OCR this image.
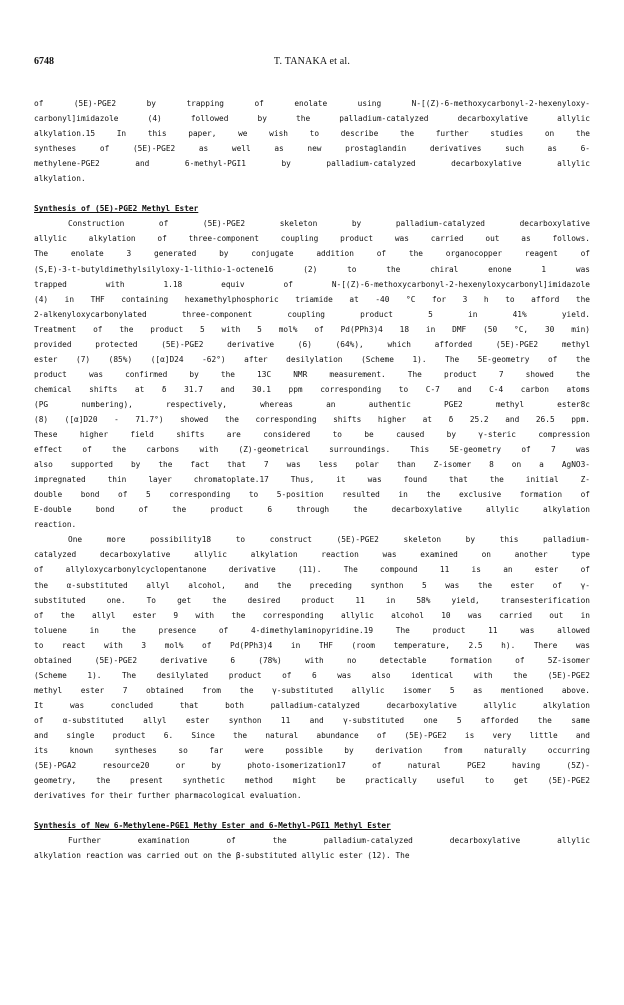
6748	T. TANAKA et al.
of (5E)-PGE2 by trapping of enolate using N-[(Z)-6-methoxycarbonyl-2-hexenyloxy-
carbonyl]imidazole (4) followed by the palladium-catalyzed decarboxylative allylic
alkylation.15 In this paper, we wish to describe the further studies on the
syntheses of (5E)-PGE2 as well as new prostaglandin derivatives such as 6-
methylene-PGE2 and 6-methyl-PGI1 by palladium-catalyzed decarboxylative allylic
alkylation.
Synthesis of (5E)-PGE2 Methyl Ester
Construction of (5E)-PGE2 skeleton by palladium-catalyzed decarboxylative
allylic alkylation of three-component coupling product was carried out as follows.
The enolate 3 generated by conjugate addition of the organocopper reagent of
(S,E)-3-t-butyldimethylsilyloxy-1-lithio-1-octene16 (2) to the chiral enone 1 was
trapped with 1.18 equiv of N-[(Z)-6-methoxycarbonyl-2-hexenyloxycarbonyl]imidazole
(4) in THF containing hexamethylphosphoric triamide at -40 °C for 3 h to afford the
2-alkenyloxycarbonylated three-component coupling product 5 in 41% yield.
Treatment of the product 5 with 5 mol% of Pd(PPh3)4 18 in DMF (50 °C, 30 min)
provided protected (5E)-PGE2 derivative (6) (64%), which afforded (5E)-PGE2 methyl
ester (7) (85%) ([α]D24 -62°) after desilylation (Scheme 1). The 5E-geometry of the
product was confirmed by the 13C NMR measurement. The product 7 showed the
chemical shifts at δ 31.7 and 30.1 ppm corresponding to C-7 and C-4 carbon atoms
(PG numbering), respectively, whereas an authentic PGE2 methyl ester8c
(8) ([α]D20 - 71.7°) showed the corresponding shifts higher at δ 25.2 and 26.5 ppm.
These higher field shifts are considered to be caused by γ-steric compression
effect of the carbons with (Z)-geometrical surroundings. This 5E-geometry of 7 was
also supported by the fact that 7 was less polar than Z-isomer 8 on a AgNO3-
impregnated thin layer chromatoplate.17 Thus, it was found that the initial Z-
double bond of 5 corresponding to 5-position resulted in the exclusive formation of
E-double bond of the product 6 through the decarboxylative allylic alkylation
reaction.
One more possibility18 to construct (5E)-PGE2 skeleton by this palladium-
catalyzed decarboxylative allylic alkylation reaction was examined on another type
of allyloxycarbonylcyclopentanone derivative (11). The compound 11 is an ester of
the α-substituted allyl alcohol, and the preceding synthon 5 was the ester of γ-
substituted one. To get the desired product 11 in 58% yield, transesterification
of the allyl ester 9 with the corresponding allylic alcohol 10 was carried out in
toluene in the presence of 4-dimethylaminopyridine.19 The product 11 was allowed
to react with 3 mol% of Pd(PPh3)4 in THF (room temperature, 2.5 h). There was
obtained (5E)-PGE2 derivative 6 (78%) with no detectable formation of 5Z-isomer
(Scheme 1). The desilylated product of 6 was also identical with the (5E)-PGE2
methyl ester 7 obtained from the γ-substituted allylic isomer 5 as mentioned above.
It was concluded that both palladium-catalyzed decarboxylative allylic alkylation
of α-substituted allyl ester synthon 11 and γ-substituted one 5 afforded the same
and single product 6. Since the natural abundance of (5E)-PGE2 is very little and
its known syntheses so far were possible by derivation from naturally occurring
(5E)-PGA2 resource20 or by photo-isomerization17 of natural PGE2 having (5Z)-
geometry, the present synthetic method might be practically useful to get (5E)-PGE2
derivatives for their further pharmacological evaluation.
Synthesis of New 6-Methylene-PGE1 Methy Ester and 6-Methyl-PGI1 Methyl Ester
Further examination of the palladium-catalyzed decarboxylative allylic
alkylation reaction was carried out on the β-substituted allylic ester (12). The
